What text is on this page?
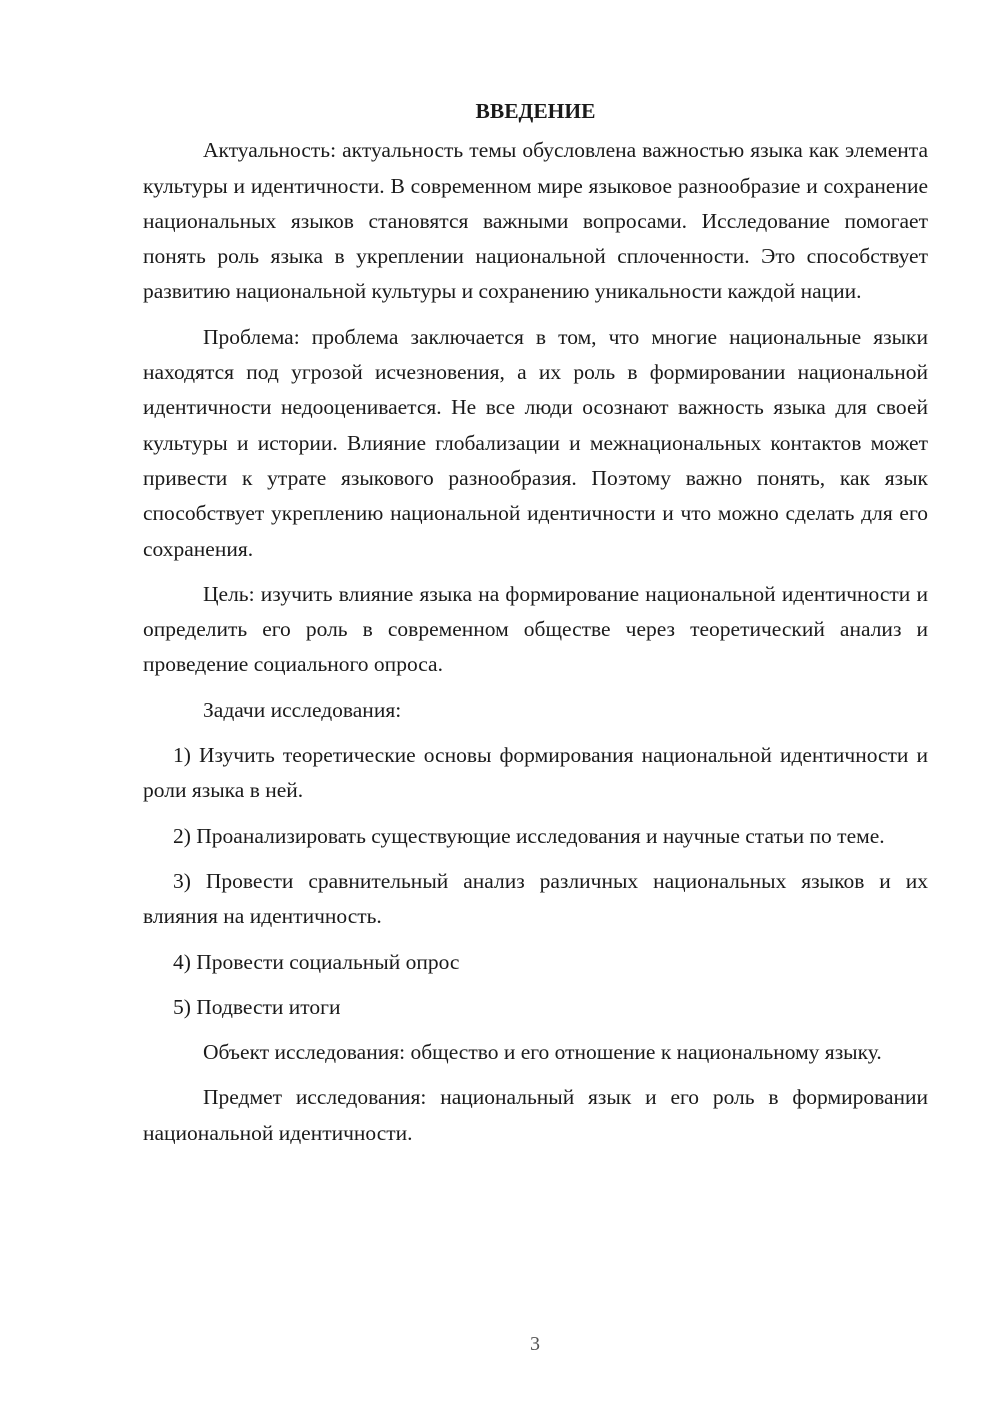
ВВЕДЕНИЕ

Актуальность: актуальность темы обусловлена важностью языка как элемента культуры и идентичности. В современном мире языковое разнообразие и сохранение национальных языков становятся важными вопросами. Исследование помогает понять роль языка в укреплении национальной сплоченности. Это способствует развитию национальной культуры и сохранению уникальности каждой нации.

Проблема: проблема заключается в том, что многие национальные языки находятся под угрозой исчезновения, а их роль в формировании национальной идентичности недооценивается. Не все люди осознают важность языка для своей культуры и истории. Влияние глобализации и межнациональных контактов может привести к утрате языкового разнообразия. Поэтому важно понять, как язык способствует укреплению национальной идентичности и что можно сделать для его сохранения.

Цель: изучить влияние языка на формирование национальной идентичности и определить его роль в современном обществе через теоретический анализ и проведение социального опроса.

Задачи исследования:

1) Изучить теоретические основы формирования национальной идентичности и роли языка в ней.

2) Проанализировать существующие исследования и научные статьи по теме.

3) Провести сравнительный анализ различных национальных языков и их влияния на идентичность.

4) Провести социальный опрос

5) Подвести итоги

Объект исследования: общество и его отношение к национальному языку.

Предмет исследования: национальный язык и его роль в формировании национальной идентичности.

3
